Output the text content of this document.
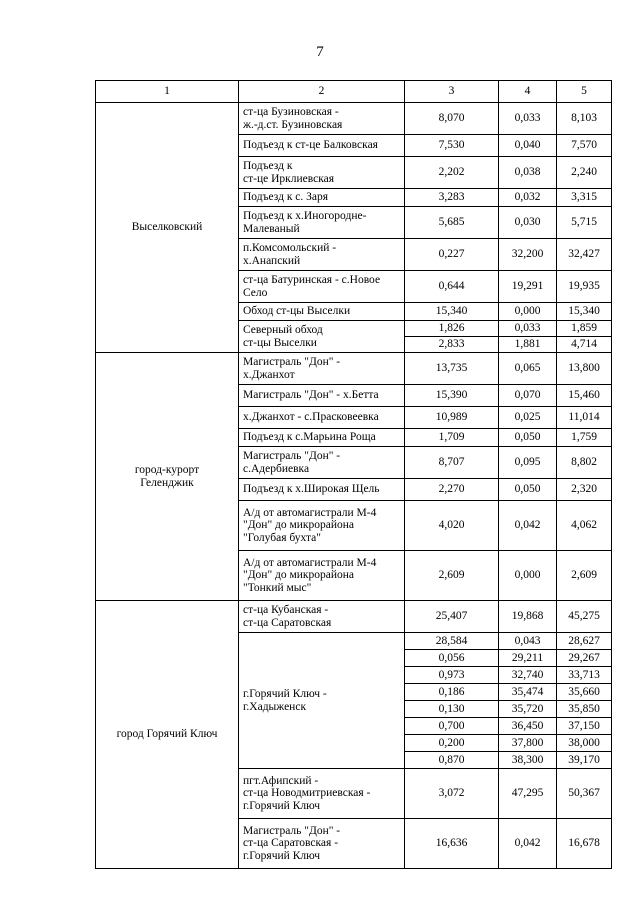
7
1	2	3	4	5
Выселковский	ст-ца Бузиновская -
ж.-д.ст. Бузиновская	8,070	0,033	8,103
	Подъезд к ст-це Балковская	7,530	0,040	7,570
	Подъезд к
ст-це Ирклиевская	2,202	0,038	2,240
	Подъезд к с. Заря	3,283	0,032	3,315
	Подъезд к х.Иногородне-
Малеваный	5,685	0,030	5,715
	п.Комсомольский -
х.Анапский	0,227	32,200	32,427
	ст-ца Батуринская - с.Новое
Село	0,644	19,291	19,935
	Обход ст-цы Выселки	15,340	0,000	15,340
	Северный обход
ст-цы Выселки	1,826	0,033	1,859
		2,833	1,881	4,714
город-курорт
Геленджик	Магистраль "Дон" -
х.Джанхот	13,735	0,065	13,800
	Магистраль "Дон" - х.Бетта	15,390	0,070	15,460
	х.Джанхот - с.Прасковеевка	10,989	0,025	11,014
	Подъезд к с.Марьина Роща	1,709	0,050	1,759
	Магистраль "Дон" -
с.Адербиевка	8,707	0,095	8,802
	Подъезд к х.Широкая Щель	2,270	0,050	2,320
	А/д от автомагистрали М-4
"Дон" до микрорайона
"Голубая бухта"	4,020	0,042	4,062
	А/д от автомагистрали М-4
"Дон" до микрорайона
"Тонкий мыс"	2,609	0,000	2,609
город Горячий Ключ	ст-ца Кубанская -
ст-ца Саратовская	25,407	19,868	45,275
	г.Горячий Ключ -
г.Хадыженск	28,584	0,043	28,627
		0,056	29,211	29,267
		0,973	32,740	33,713
		0,186	35,474	35,660
		0,130	35,720	35,850
		0,700	36,450	37,150
		0,200	37,800	38,000
		0,870	38,300	39,170
	пгт.Афипский -
ст-ца Новодмитриевская -
г.Горячий Ключ	3,072	47,295	50,367
	Магистраль "Дон" -
ст-ца Саратовская -
г.Горячий Ключ	16,636	0,042	16,678
